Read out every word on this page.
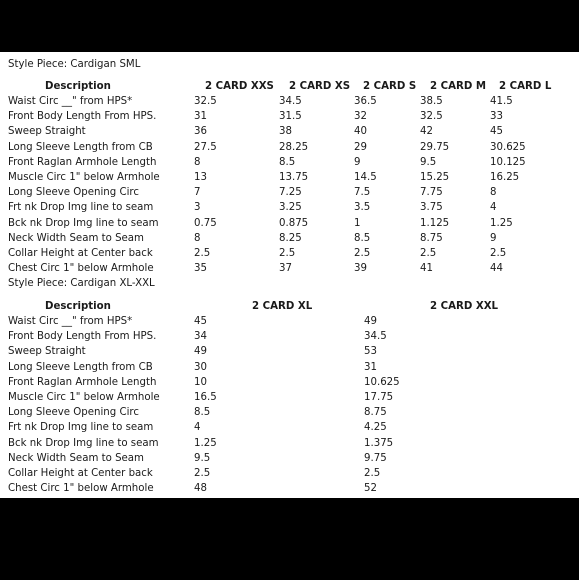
Style Piece: Cardigan SML
Description	2 CARD XXS 2 CARD XS 2 CARD S 2 CARD M 2 CARD L
Waist Circ __" from HPS*	32.5	34.5	36.5	38.5	41.5
Front Body Length From HPS.	31	31.5	32	32.5	33
Sweep Straight	36	38	40	42	45
Long Sleeve Length from CB	27.5	28.25	29	29.75	30.625
Front Raglan Armhole Length	8	8.5	9	9.5	10.125
Muscle Circ 1" below Armhole	13	13.75	14.5	15.25	16.25
Long Sleeve Opening Circ	7	7.25	7.5	7.75	8
Frt nk Drop Img line to seam	3	3.25	3.5	3.75	4
Bck nk Drop Img line to seam	0.75	0.875	1	1.125	1.25
Neck Width Seam to Seam	8	8.25	8.5	8.75	9
Collar Height at Center back	2.5	2.5	2.5	2.5	2.5
Chest Circ 1" below Armhole	35	37	39	41	44
Style Piece: Cardigan XL-XXL
Description	2 CARD XL	2 CARD XXL
Waist Circ __" from HPS*	45	49
Front Body Length From HPS.	34	34.5
Sweep Straight	49	53
Long Sleeve Length from CB	30	31
Front Raglan Armhole Length	10	10.625
Muscle Circ 1" below Armhole	16.5	17.75
Long Sleeve Opening Circ	8.5	8.75
Frt nk Drop Img line to seam	4	4.25
Bck nk Drop Img line to seam	1.25	1.375
Neck Width Seam to Seam	9.5	9.75
Collar Height at Center back	2.5	2.5
Chest Circ 1" below Armhole	48	52
